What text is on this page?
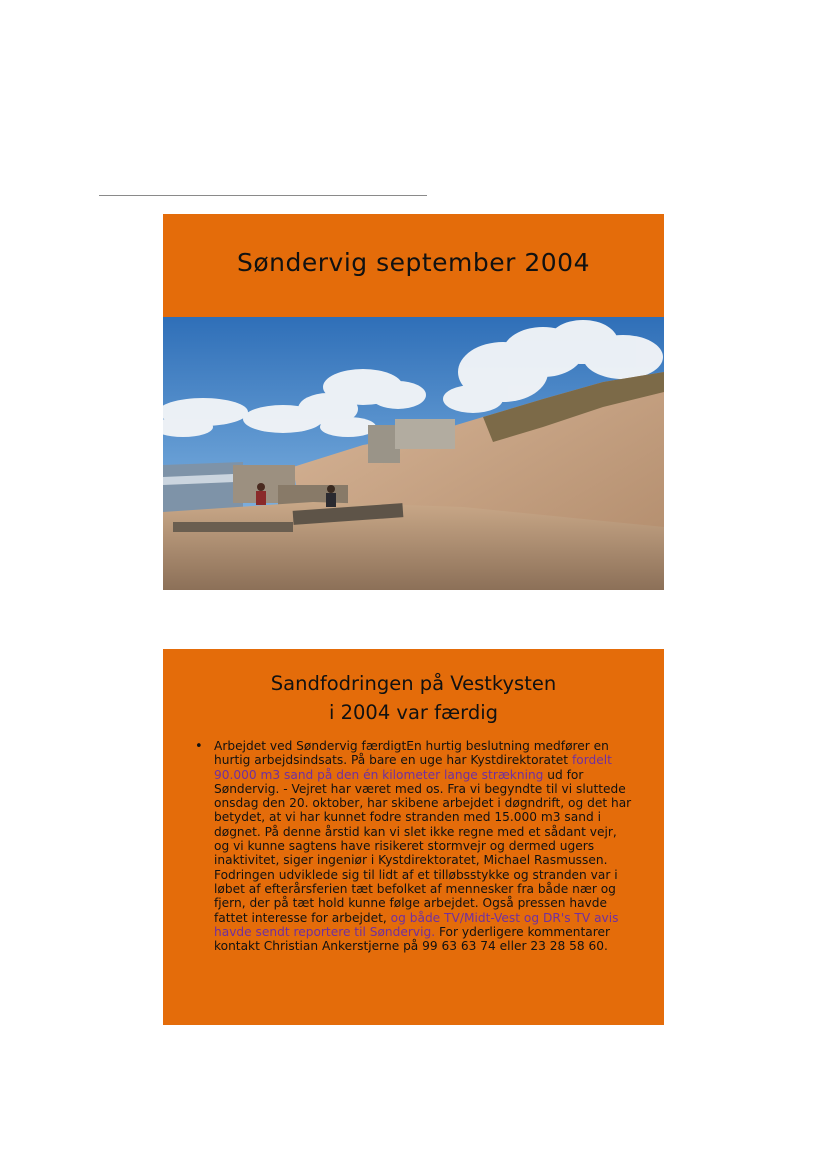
Søndervig september 2004
Sandfodringen på Vestkysten
i 2004 var færdig
• Arbejdet ved Søndervig færdigtEn hurtig beslutning medfører en hurtig arbejdsindsats. På bare en uge har Kystdirektoratet fordelt 90.000 m3 sand på den én kilometer lange strækning ud for Søndervig. - Vejret har været med os. Fra vi begyndte til vi sluttede onsdag den 20. oktober, har skibene arbejdet i døgndrift, og det har betydet, at vi har kunnet fodre stranden med 15.000 m3 sand i døgnet. På denne årstid kan vi slet ikke regne med et sådant vejr, og vi kunne sagtens have risikeret stormvejr og dermed ugers inaktivitet, siger ingeniør i Kystdirektoratet, Michael Rasmussen. Fodringen udviklede sig til lidt af et tilløbsstykke og stranden var i løbet af efterårsferien tæt befolket af mennesker fra både nær og fjern, der på tæt hold kunne følge arbejdet. Også pressen havde fattet interesse for arbejdet, og både TV/Midt-Vest og DR's TV avis havde sendt reportere til Søndervig. For yderligere kommentarer kontakt Christian Ankerstjerne på 99 63 63 74 eller 23 28 58 60.
